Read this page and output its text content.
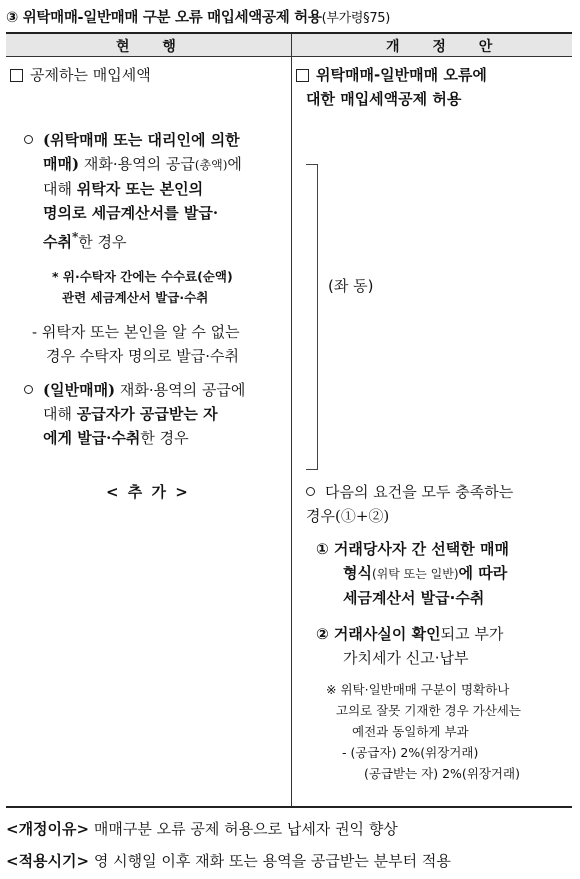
③ 위탁매매-일반매매 구분 오류 매입세액공제 허용(부가령§75)
현 행	개 정 안
공제하는 매입세액
(위탁매매 또는 대리인에 의한
매매) 재화·용역의 공급(총액)에
대해 위탁자 또는 본인의
명의로 세금계산서를 발급·
수취*한 경우
* 위·수탁자 간에는 수수료(순액)
관련 세금계산서 발급·수취
- 위탁자 또는 본인을 알 수 없는
경우 수탁자 명의로 발급·수취
(일반매매) 재화·용역의 공급에
대해 공급자가 공급받는 자
에게 발급·수취한 경우
< 추 가 >
위탁매매-일반매매 오류에
대한 매입세액공제 허용
(좌 동)
다음의 요건을 모두 충족하는
경우(①+②)
① 거래당사자 간 선택한 매매
형식(위탁 또는 일반)에 따라
세금계산서 발급·수취
② 거래사실이 확인되고 부가
가치세가 신고·납부
※ 위탁·일반매매 구분이 명확하나
고의로 잘못 기재한 경우 가산세는
예전과 동일하게 부과
- (공급자) 2%(위장거래)
(공급받는 자) 2%(위장거래)
<개정이유> 매매구분 오류 공제 허용으로 납세자 권익 향상
<적용시기> 영 시행일 이후 재화 또는 용역을 공급받는 분부터 적용
